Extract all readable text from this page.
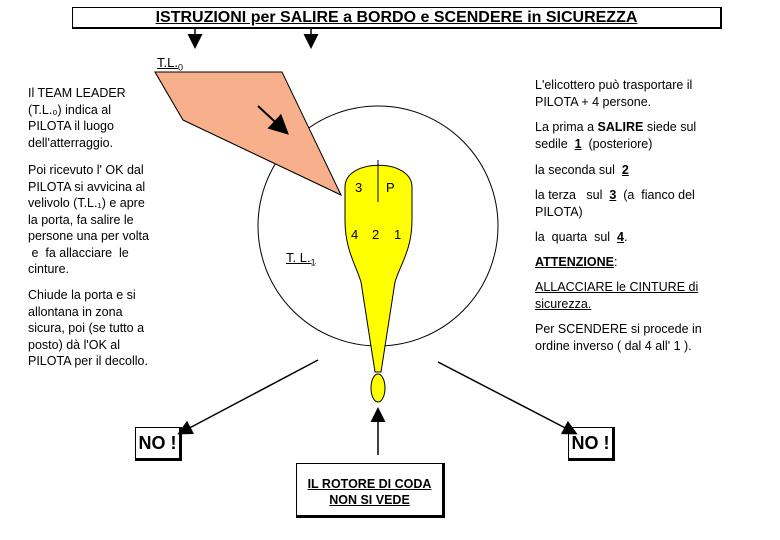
ISTRUZIONI per SALIRE a BORDO e SCENDERE in SICUREZZA
$T.L._0$
T. $L._1$
3 P
4 2 1
Il TEAM LEADER
(T.L.₀) indica al
PILOTA il luogo
dell'atterraggio.
Poi ricevuto l' OK dal
PILOTA si avvicina al
velivolo (T.L.₁) e apre
la porta, fa salire le
persone una per volta
e  fa allacciare  le
cinture.
Chiude la porta e si
allontana in zona
sicura, poi (se tutto a
posto) dà l'OK al
PILOTA per il decollo.
L'elicottero può trasportare il
PILOTA + 4 persone.
La prima a SALIRE siede sul
sedile  1  (posteriore)
la seconda sul  2
la terza   sul  3  (a  fianco del
PILOTA)
la  quarta  sul  4.
ATTENZIONE:
ALLACCIARE le CINTURE di
sicurezza.
Per SCENDERE si procede in
ordine inverso ( dal 4 all' 1 ).
NO !	NO !
IL ROTORE DI CODA
NON SI VEDE
